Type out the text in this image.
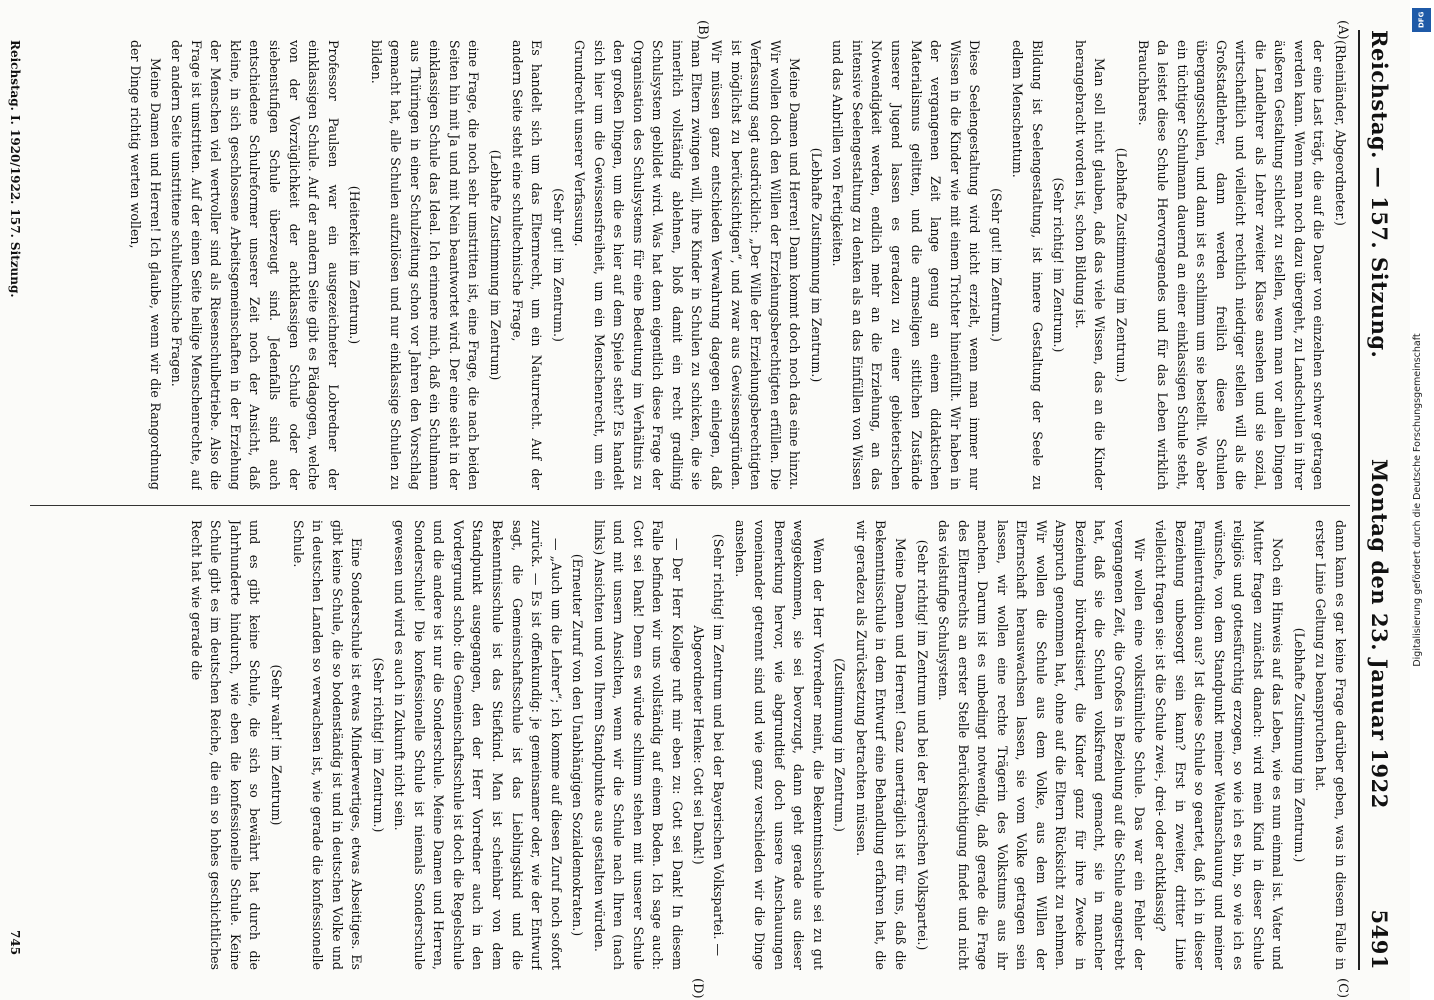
Reichstag. — 157. Sitzung.
Montag den 23. Januar 1922
5491
(A)
(B)
(C)
(D)

(Rheinländer, Abgeordneter.)

der eine Last trägt, die auf die Dauer von einzelnen schwer getragen werden kann. Wenn man noch dazu übergeht, zu Landschulen in ihrer äußeren Gestaltung schlecht zu stellen, wenn man vor allen Dingen die Landlehrer als Lehrer zweiter Klasse ansehen und sie sozial, wirtschaftlich und vielleicht rechtlich niedriger stellen will als die Großstadtlehrer, dann werden freilich diese Schulen übergangsschulen, und dann ist es schlimm um sie bestellt. Wo aber ein tüchtiger Schulmann dauernd an einer einklassigen Schule steht, da leistet diese Schule Hervorragendes und für das Leben wirklich Brauchbares.

(Lebhafte Zustimmung im Zentrum.)

Man soll nicht glauben, daß das viele Wissen, das an die Kinder herangebracht worden ist, schon Bildung ist.

(Sehr richtig! im Zentrum.)

Bildung ist Seelengestaltung, ist innere Gestaltung der Seele zu edlem Menschentum.

(Sehr gut! im Zentrum.)

Diese Seelengestaltung wird nicht erzielt, wenn man immer nur Wissen in die Kinder wie mit einem Trichter hineinfüllt. Wir haben in der vergangenen Zeit lange genug an einem didaktischen Materialismus gelitten, und die armseligen sittlichen Zustände unserer Jugend lassen es geradezu zu einer gebieterischen Notwendigkeit werden, endlich mehr an die Erziehung, an das intensive Seelengestaltung zu denken als an das Einfüllen von Wissen und das Anbrillen von Fertigkeiten.

(Lebhafte Zustimmung im Zentrum.)

Meine Damen und Herren! Dann kommt doch noch das eine hinzu. Wir wollen doch den Willen der Erziehungsberechtigten erfüllen. Die Verfassung sagt ausdrücklich: „Der Wille der Erziehungsberechtigten ist möglichst zu berücksichtigen“, und zwar aus Gewissensgründen. Wir müssen ganz entschieden Verwahrung dagegen einlegen, daß man Eltern zwingen will, ihre Kinder in Schulen zu schicken, die sie innerlich vollständig ablehnen, bloß damit ein recht gradlinig Schulsystem gebildet wird. Was hat denn eigentlich diese Frage der Organisation des Schulsystems für eine Bedeutung im Verhältnis zu den großen Dingen, um die es hier auf dem Spiele steht? Es handelt sich hier um die Gewissensfreiheit, um ein Menschenrecht, um ein Grundrecht unserer Verfassung.

(Sehr gut! im Zentrum.)

Es handelt sich um das Elternrecht, um ein Naturrecht. Auf der andern Seite steht eine schultechnische Frage,

(Lebhafte Zustimmung im Zentrum)

eine Frage, die noch sehr umstritten ist, eine Frage, die nach beiden Seiten hin mit Ja und mit Nein beantwortet wird. Der eine sieht in der einklassigen Schule das Ideal. Ich erinnere mich, daß ein Schulmann aus Thüringen in einer Schulzeitung schon vor Jahren den Vorschlag gemacht hat, alle Schulen aufzulösen und nur einklassige Schulen zu bilden.

(Heiterkeit im Zentrum.)

Professor Paulsen war ein ausgezeichneter Lobredner der einklassigen Schule. Auf der andern Seite gibt es Pädagogen, welche von der Vorzüglichkeit der achtklassigen Schule oder der siebenstufigen Schule überzeugt sind. Jedenfalls sind auch entschiedene Schulreformer unserer Zeit noch der Ansicht, daß kleine, in sich geschlossene Arbeitsgemeinschaften in der Erziehung der Menschen viel wertvoller sind als Riesenschulbetriebe. Also die Frage ist umstritten. Auf der einen Seite heilige Menschenrechte, auf der andern Seite umstrittene schultechnische Fragen.

Meine Damen und Herren! Ich glaube, wenn wir die Rangordnung der Dinge richtig werten wollen,

dann kann es gar keine Frage darüber geben, was in diesem Falle in erster Linie Geltung zu beanspruchen hat.

(Lebhafte Zustimmung im Zentrum.)

Noch ein Hinweis auf das Leben, wie es nun einmal ist. Vater und Mutter fragen zunächst danach: wird mein Kind in dieser Schule religiös und gottesfürchtig erzogen, so wie ich es bin, so wie ich es wünsche, von dem Standpunkt meiner Weltanschauung und meiner Familientradition aus? Ist diese Schule so geartet, daß ich in dieser Beziehung unbesorgt sein kann? Erst in zweiter, dritter Linie vielleicht fragen sie: ist die Schule zwei-, drei- oder achtklassig?

Wir wollen eine volkstümliche Schule. Das war ein Fehler der vergangenen Zeit, die Großes in Beziehung auf die Schule angestrebt hat, daß sie die Schulen volksfremd gemacht, sie in mancher Beziehung bürokratisiert, die Kinder ganz für ihre Zwecke in Anspruch genommen hat, ohne auf die Eltern Rücksicht zu nehmen. Wir wollen die Schule aus dem Volke, aus dem Willen der Elternschaft herauswachsen lassen, sie vom Volke getragen sein lassen, wir wollen eine rechte Trägerin des Volkstums aus ihr machen. Darum ist es unbedingt notwendig, daß gerade die Frage des Elternrechts an erster Stelle Berücksichtigung findet und nicht das vielstufige Schulsystem.

(Sehr richtig! im Zentrum und bei der Bayerischen Volkspartei.)

Meine Damen und Herren! Ganz unerträglich ist für uns, daß die Bekenntnisschule in dem Entwurf eine Behandlung erfahren hat, die wir geradezu als Zurücksetzung betrachten müssen.

(Zustimmung im Zentrum.)

Wenn der Herr Vorredner meint, die Bekenntnisschule sei zu gut weggekommen, sie sei bevorzugt, dann geht gerade aus dieser Bemerkung hervor, wie abgrundtief doch unsere Anschauungen voneinander getrennt sind und wie ganz verschieden wir die Dinge ansehen.

(Sehr richtig! im Zentrum und bei der Bayerischen Volkspartei. — Abgeordneter Henke: Gott sei Dank!)

— Der Herr Kollege ruft mir eben zu: Gott sei Dank! In diesem Falle befinden wir uns vollständig auf einem Boden. Ich sage auch: Gott sei Dank! Denn es würde schlimm stehen mit unserer Schule und mit unsern Ansichten, wenn wir die Schule nach Ihren (nach links) Ansichten und von Ihrem Standpunkte aus gestalten würden.

(Erneuter Zuruf von den Unabhängigen Sozialdemokraten.)

— „Auch um die Lehrer“; ich komme auf diesen Zuruf noch sofort zurück. — Es ist offenkundig: je gemeinsamer oder, wie der Entwurf sagt, die Gemeinschaftsschule ist das Lieblingskind und die Bekenntnisschule ist das Stiefkind. Man ist scheinbar von dem Standpunkt ausgegangen, den der Herr Vorredner auch in den Vordergrund schob: die Gemeinschaftsschule ist doch die Regelschule und die andere ist nur die Sonderschule. Meine Damen und Herren, Sonderschule! Die konfessionelle Schule ist niemals Sonderschule gewesen und wird es auch in Zukunft nicht sein.

(Sehr richtig! im Zentrum.)

Eine Sonderschule ist etwas Minderwertiges, etwas Abseitiges. Es gibt keine Schule, die so bodenständig ist und in deutschen Volke und in deutschen Landen so verwachsen ist, wie gerade die konfessionelle Schule.

(Sehr wahr! im Zentrum)

und es gibt keine Schule, die sich so bewährt hat durch die Jahrhunderte hindurch, wie eben die konfessionelle Schule. Keine Schule gibt es im deutschen Reiche, die ein so hohes geschichtliches Recht hat wie gerade die

Reichstag. I. 1920/1922. 157. Sitzung.
745
DFG
Digitalisierung gefördert durch die Deutsche Forschungsgemeinschaft
